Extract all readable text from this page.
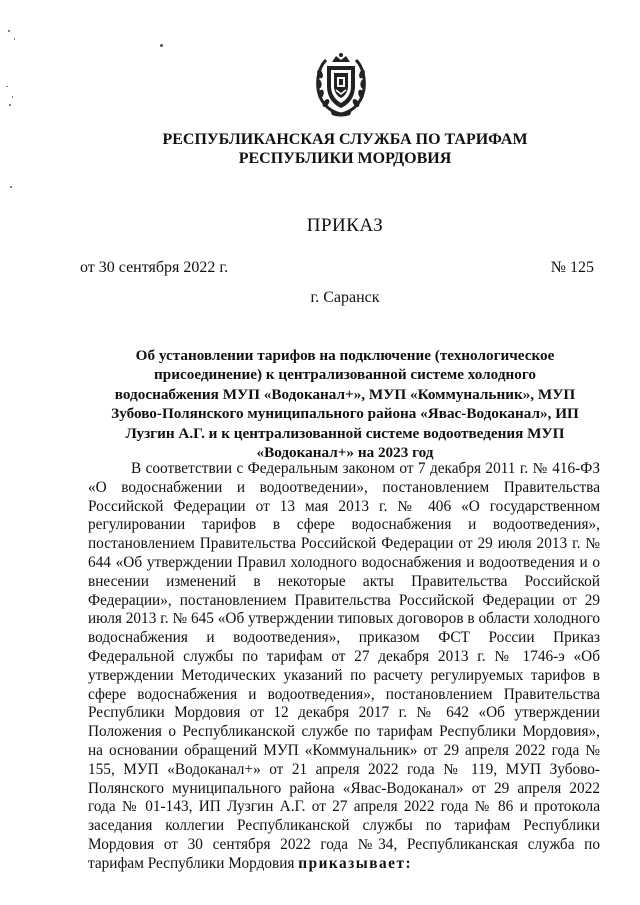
РЕСПУБЛИКАНСКАЯ СЛУЖБА ПО ТАРИФАМ
РЕСПУБЛИКИ МОРДОВИЯ
ПРИКАЗ
от 30 сентября 2022 г.	№ 125
г. Саранск
Об установлении тарифов на подключение (технологическое присоединение) к централизованной системе холодного водоснабжения МУП «Водоканал+», МУП «Коммунальник», МУП Зубово-Полянского муниципального района «Явас-Водоканал», ИП Лузгин А.Г. и к централизованной системе водоотведения МУП «Водоканал+» на 2023 год

В соответствии с Федеральным законом от 7 декабря 2011 г. № 416-ФЗ «О водоснабжении и водоотведении», постановлением Правительства Российской Федерации от 13 мая 2013 г. № 406 «О государственном регулировании тарифов в сфере водоснабжения и водоотведения», постановлением Правительства Российской Федерации от 29 июля 2013 г. № 644 «Об утверждении Правил холодного водоснабжения и водоотведения и о внесении изменений в некоторые акты Правительства Российской Федерации», постановлением Правительства Российской Федерации от 29 июля 2013 г. № 645 «Об утверждении типовых договоров в области холодного водоснабжения и водоотведения», приказом ФСТ России Приказ Федеральной службы по тарифам от 27 декабря 2013 г. № 1746-э «Об утверждении Методических указаний по расчету регулируемых тарифов в сфере водоснабжения и водоотведения», постановлением Правительства Республики Мордовия от 12 декабря 2017 г. № 642 «Об утверждении Положения о Республиканской службе по тарифам Республики Мордовия», на основании обращений МУП «Коммунальник» от 29 апреля 2022 года № 155, МУП «Водоканал+» от 21 апреля 2022 года № 119, МУП Зубово-Полянского муниципального района «Явас-Водоканал» от 29 апреля 2022 года № 01-143, ИП Лузгин А.Г. от 27 апреля 2022 года № 86 и протокола заседания коллегии Республиканской службы по тарифам Республики Мордовия от 30 сентября 2022 года №34, Республиканская служба по тарифам Республики Мордовия приказывает:
